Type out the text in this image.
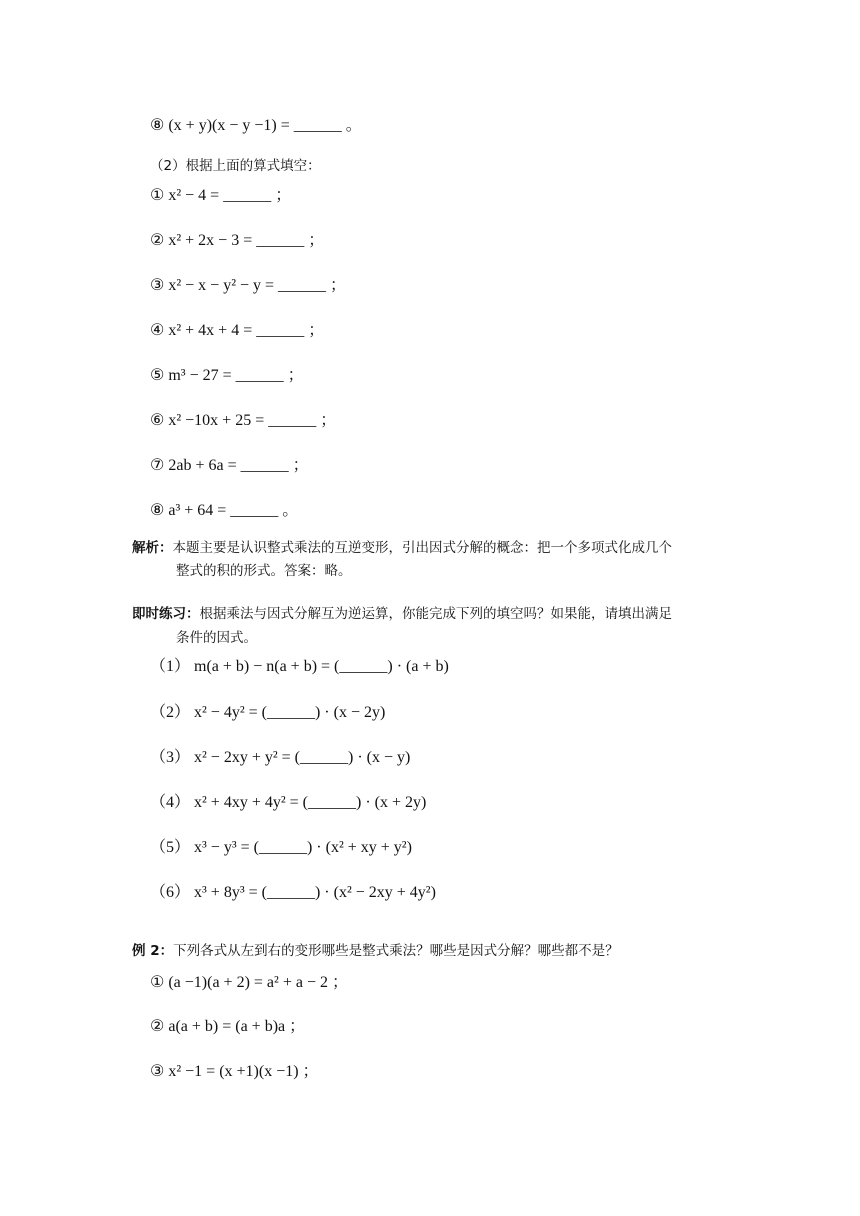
⑧ (x + y)(x − y −1) = ______ 。
（2）根据上面的算式填空：
① x² − 4 = ______ ；
② x² + 2x − 3 = ______ ；
③ x² − x − y² − y = ______ ；
④ x² + 4x + 4 = ______ ；
⑤ m³ − 27 = ______ ；
⑥ x² −10x + 25 = ______ ；
⑦ 2ab + 6a = ______ ；
⑧ a³ + 64 = ______ 。
解析：本题主要是认识整式乘法的互逆变形，引出因式分解的概念：把一个多项式化成几个
整式的积的形式。答案：略。
即时练习：根据乘法与因式分解互为逆运算，你能完成下列的填空吗？如果能，请填出满足
条件的因式。
（1） m(a + b) − n(a + b) = (______) · (a + b)
（2） x² − 4y² = (______) · (x − 2y)
（3） x² − 2xy + y² = (______) · (x − y)
（4） x² + 4xy + 4y² = (______) · (x + 2y)
（5） x³ − y³ = (______) · (x² + xy + y²)
（6） x³ + 8y³ = (______) · (x² − 2xy + 4y²)
例 2：下列各式从左到右的变形哪些是整式乘法？哪些是因式分解？哪些都不是？
① (a −1)(a + 2) = a² + a − 2 ；
② a(a + b) = (a + b)a ；
③ x² −1 = (x +1)(x −1) ；
